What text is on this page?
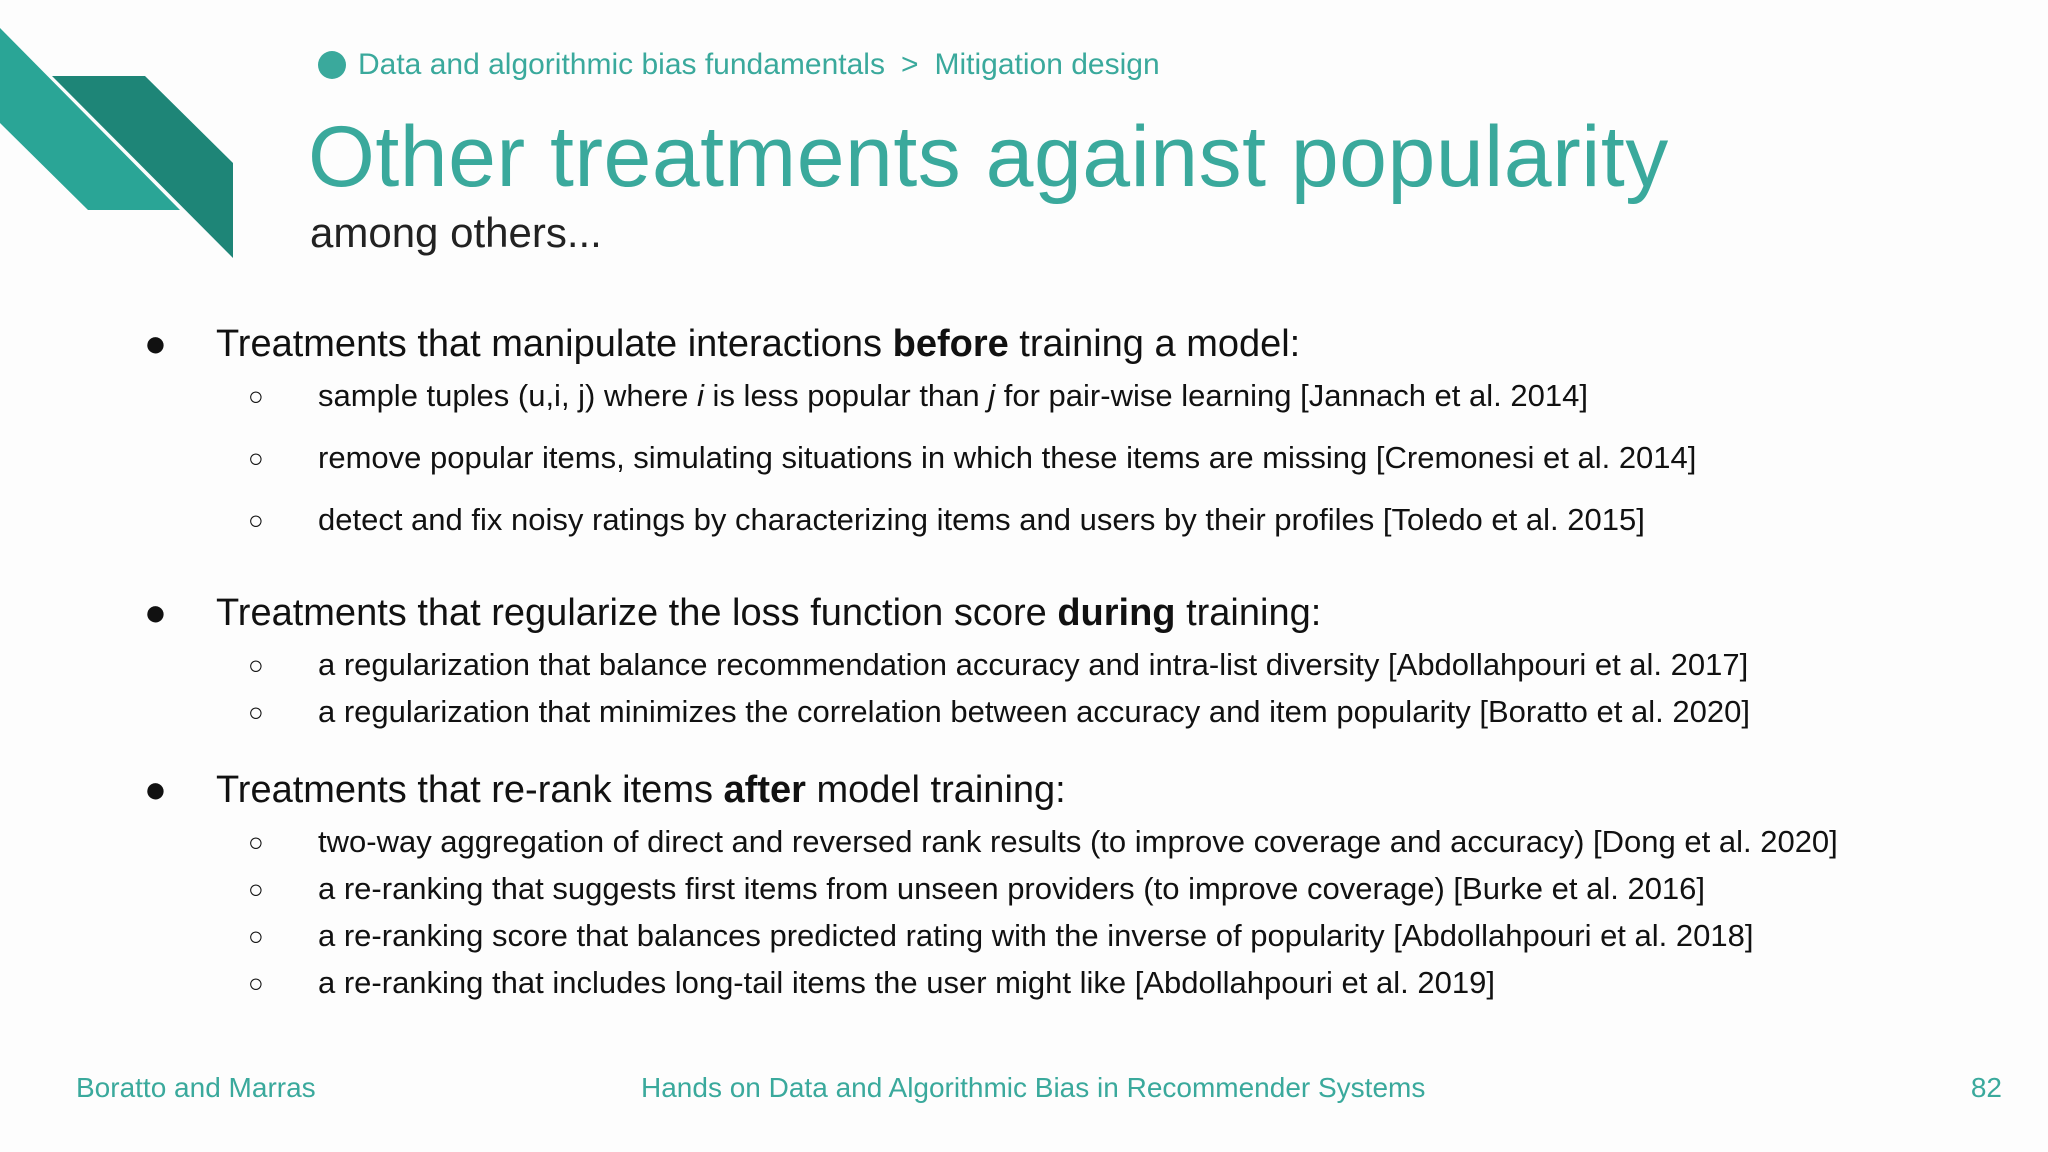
Data and algorithmic bias fundamentals > Mitigation design
Other treatments against popularity
among others...
●	Treatments that manipulate interactions before training a model:
○ sample tuples (u,i, j) where i is less popular than j for pair-wise learning [Jannach et al. 2014]
○ remove popular items, simulating situations in which these items are missing [Cremonesi et al. 2014]
○ detect and fix noisy ratings by characterizing items and users by their profiles [Toledo et al. 2015]
●	Treatments that regularize the loss function score during training:
○ a regularization that balance recommendation accuracy and intra-list diversity [Abdollahpouri et al. 2017]
○ a regularization that minimizes the correlation between accuracy and item popularity [Boratto et al. 2020]
●	Treatments that re-rank items after model training:
○ two-way aggregation of direct and reversed rank results (to improve coverage and accuracy) [Dong et al. 2020]
○ a re-ranking that suggests first items from unseen providers (to improve coverage) [Burke et al. 2016]
○ a re-ranking score that balances predicted rating with the inverse of popularity [Abdollahpouri et al. 2018]
○ a re-ranking that includes long-tail items the user might like [Abdollahpouri et al. 2019]
Boratto and Marras	Hands on Data and Algorithmic Bias in Recommender Systems	82
